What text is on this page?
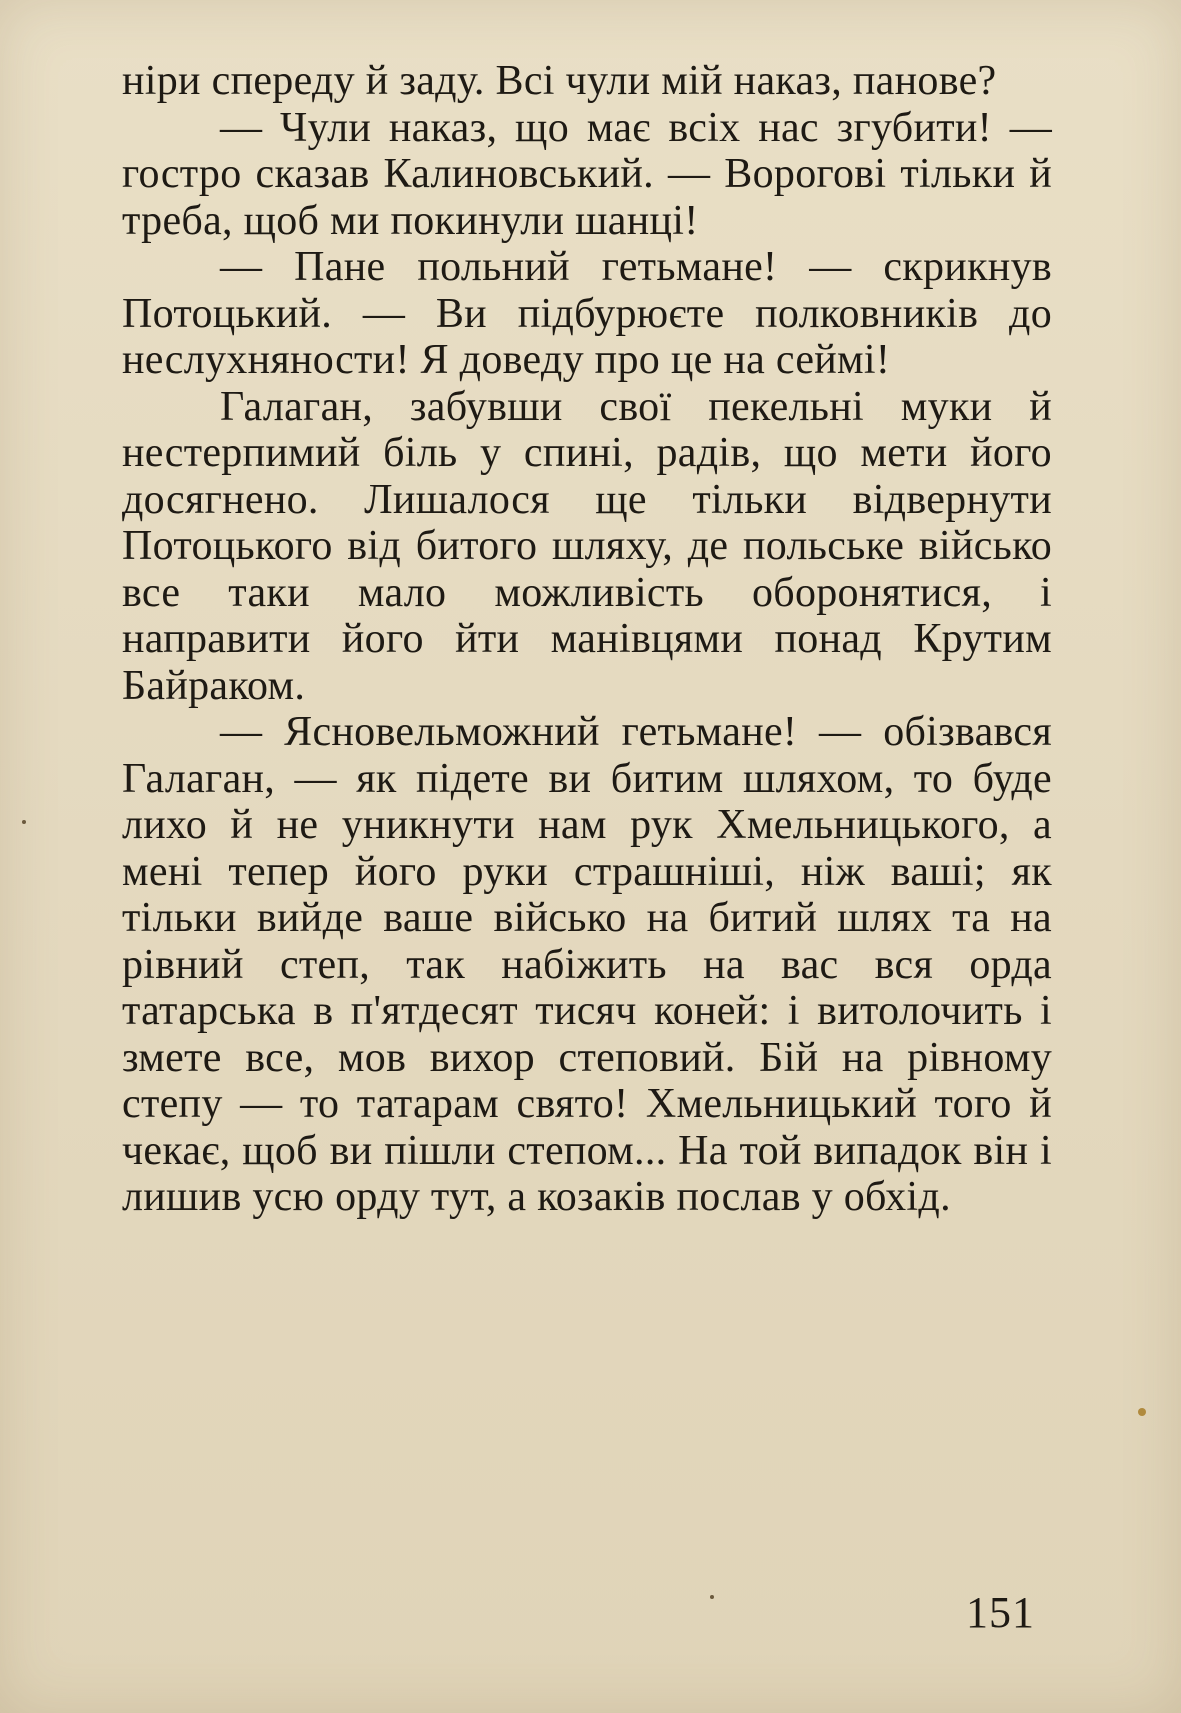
ніри спереду й заду. Всі чули мій наказ, панове?

— Чули наказ, що має всіх нас згубити! — гостро сказав Калиновський. — Ворогові тільки й треба, щоб ми покинули шанці!

— Пане польний гетьмане! — скрикнув Потоцький. — Ви підбурюєте полковників до неслухняности! Я доведу про це на сеймі!

Галаган, забувши свої пекельні муки й нестерпимий біль у спині, радів, що мети його досягнено. Лишалося ще тільки відвернути Потоцького від битого шляху, де польське військо все таки мало можливість оборонятися, і направити його йти манівцями понад Крутим Байраком.

— Ясновельможний гетьмане! — обізвався Галаган, — як підете ви битим шляхом, то буде лихо й не уникнути нам рук Хмельницького, а мені тепер його руки страшніші, ніж ваші; як тільки вийде ваше військо на битий шлях та на рівний степ, так набіжить на вас вся орда татарська в п'ятдесят тисяч коней: і витолочить і змете все, мов вихор степовий. Бій на рівному степу — то татарам свято! Хмельницький того й чекає, щоб ви пішли степом... На той випадок він і лишив усю орду тут, а козаків послав у обхід.

151
